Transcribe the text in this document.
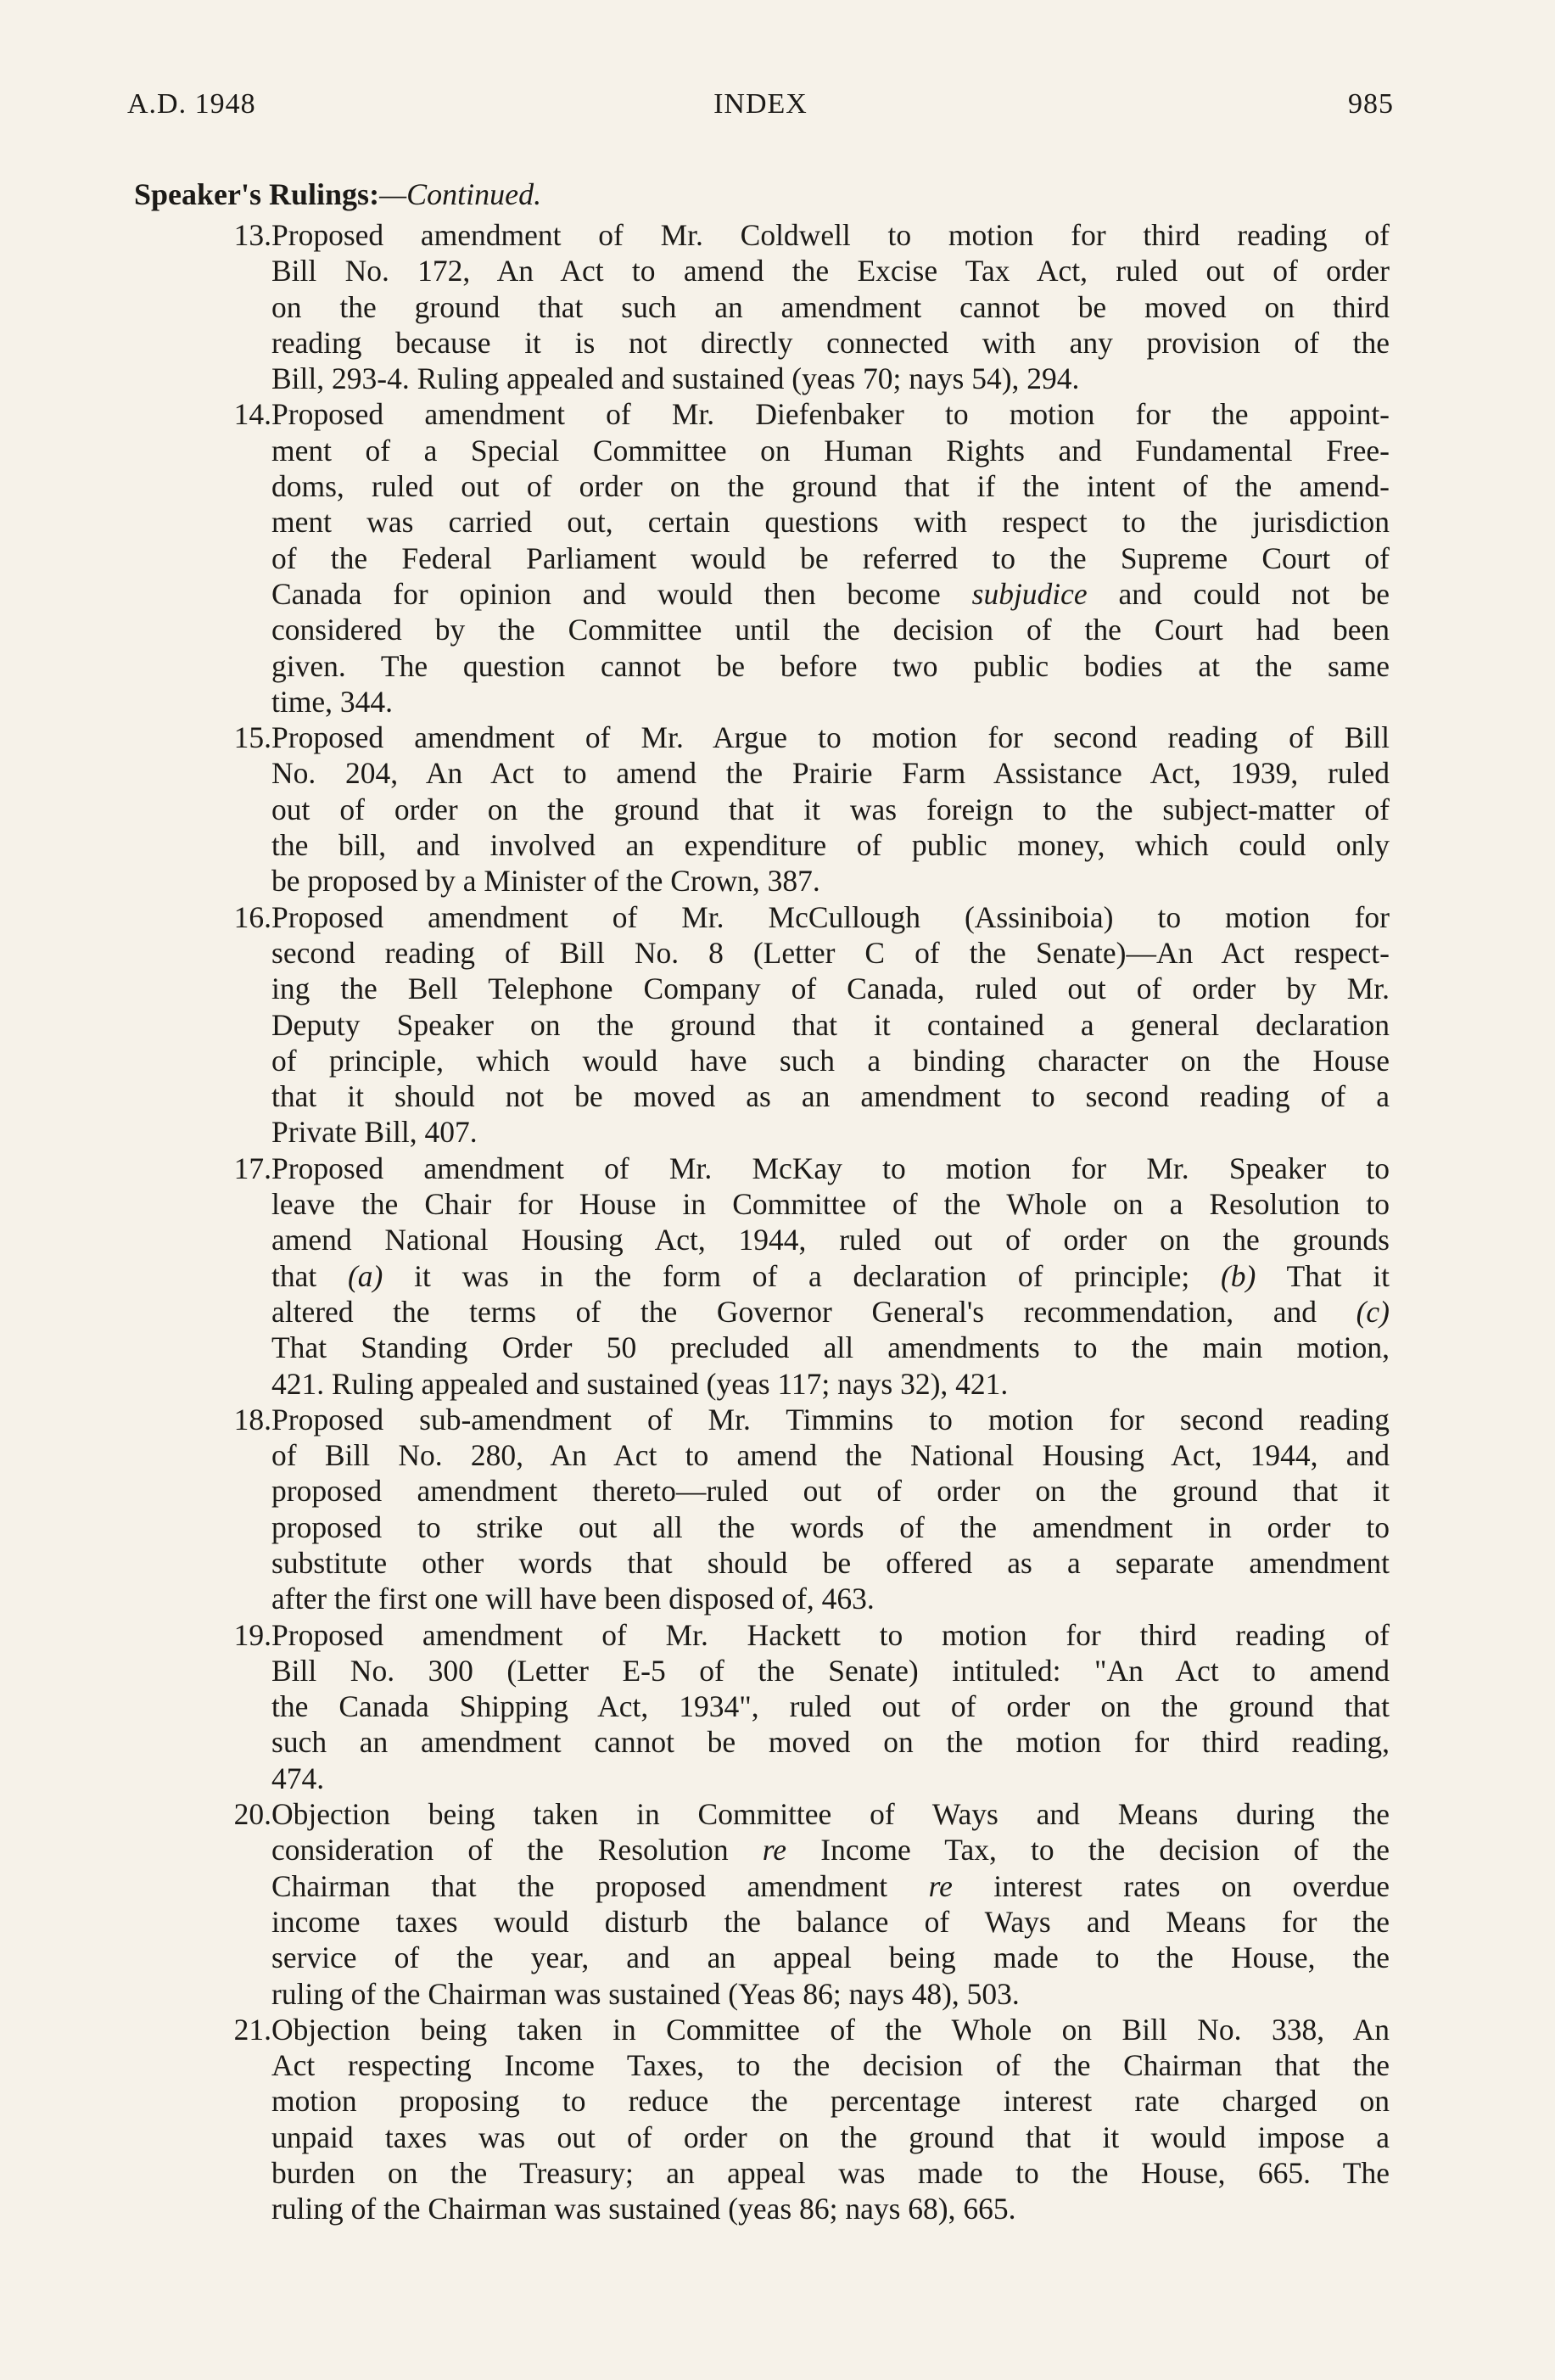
A.D. 1948	INDEX	985
Speaker's Rulings:—Continued.
13. Proposed amendment of Mr. Coldwell to motion for third reading of
Bill No. 172, An Act to amend the Excise Tax Act, ruled out of order
on the ground that such an amendment cannot be moved on third
reading because it is not directly connected with any provision of the
Bill, 293-4. Ruling appealed and sustained (yeas 70; nays 54), 294.
14. Proposed amendment of Mr. Diefenbaker to motion for the appoint-
ment of a Special Committee on Human Rights and Fundamental Free-
doms, ruled out of order on the ground that if the intent of the amend-
ment was carried out, certain questions with respect to the jurisdiction
of the Federal Parliament would be referred to the Supreme Court of
Canada for opinion and would then become subjudice and could not be
considered by the Committee until the decision of the Court had been
given. The question cannot be before two public bodies at the same
time, 344.
15. Proposed amendment of Mr. Argue to motion for second reading of Bill
No. 204, An Act to amend the Prairie Farm Assistance Act, 1939, ruled
out of order on the ground that it was foreign to the subject-matter of
the bill, and involved an expenditure of public money, which could only
be proposed by a Minister of the Crown, 387.
16. Proposed amendment of Mr. McCullough (Assiniboia) to motion for
second reading of Bill No. 8 (Letter C of the Senate)—An Act respect-
ing the Bell Telephone Company of Canada, ruled out of order by Mr.
Deputy Speaker on the ground that it contained a general declaration
of principle, which would have such a binding character on the House
that it should not be moved as an amendment to second reading of a
Private Bill, 407.
17. Proposed amendment of Mr. McKay to motion for Mr. Speaker to
leave the Chair for House in Committee of the Whole on a Resolution to
amend National Housing Act, 1944, ruled out of order on the grounds
that (a) it was in the form of a declaration of principle; (b) That it
altered the terms of the Governor General's recommendation, and (c)
That Standing Order 50 precluded all amendments to the main motion,
421. Ruling appealed and sustained (yeas 117; nays 32), 421.
18. Proposed sub-amendment of Mr. Timmins to motion for second reading
of Bill No. 280, An Act to amend the National Housing Act, 1944, and
proposed amendment thereto—ruled out of order on the ground that it
proposed to strike out all the words of the amendment in order to
substitute other words that should be offered as a separate amendment
after the first one will have been disposed of, 463.
19. Proposed amendment of Mr. Hackett to motion for third reading of
Bill No. 300 (Letter E-5 of the Senate) intituled: "An Act to amend
the Canada Shipping Act, 1934", ruled out of order on the ground that
such an amendment cannot be moved on the motion for third reading,
474.
20. Objection being taken in Committee of Ways and Means during the
consideration of the Resolution re Income Tax, to the decision of the
Chairman that the proposed amendment re interest rates on overdue
income taxes would disturb the balance of Ways and Means for the
service of the year, and an appeal being made to the House, the
ruling of the Chairman was sustained (Yeas 86; nays 48), 503.
21. Objection being taken in Committee of the Whole on Bill No. 338, An
Act respecting Income Taxes, to the decision of the Chairman that the
motion proposing to reduce the percentage interest rate charged on
unpaid taxes was out of order on the ground that it would impose a
burden on the Treasury; an appeal was made to the House, 665. The
ruling of the Chairman was sustained (yeas 86; nays 68), 665.
